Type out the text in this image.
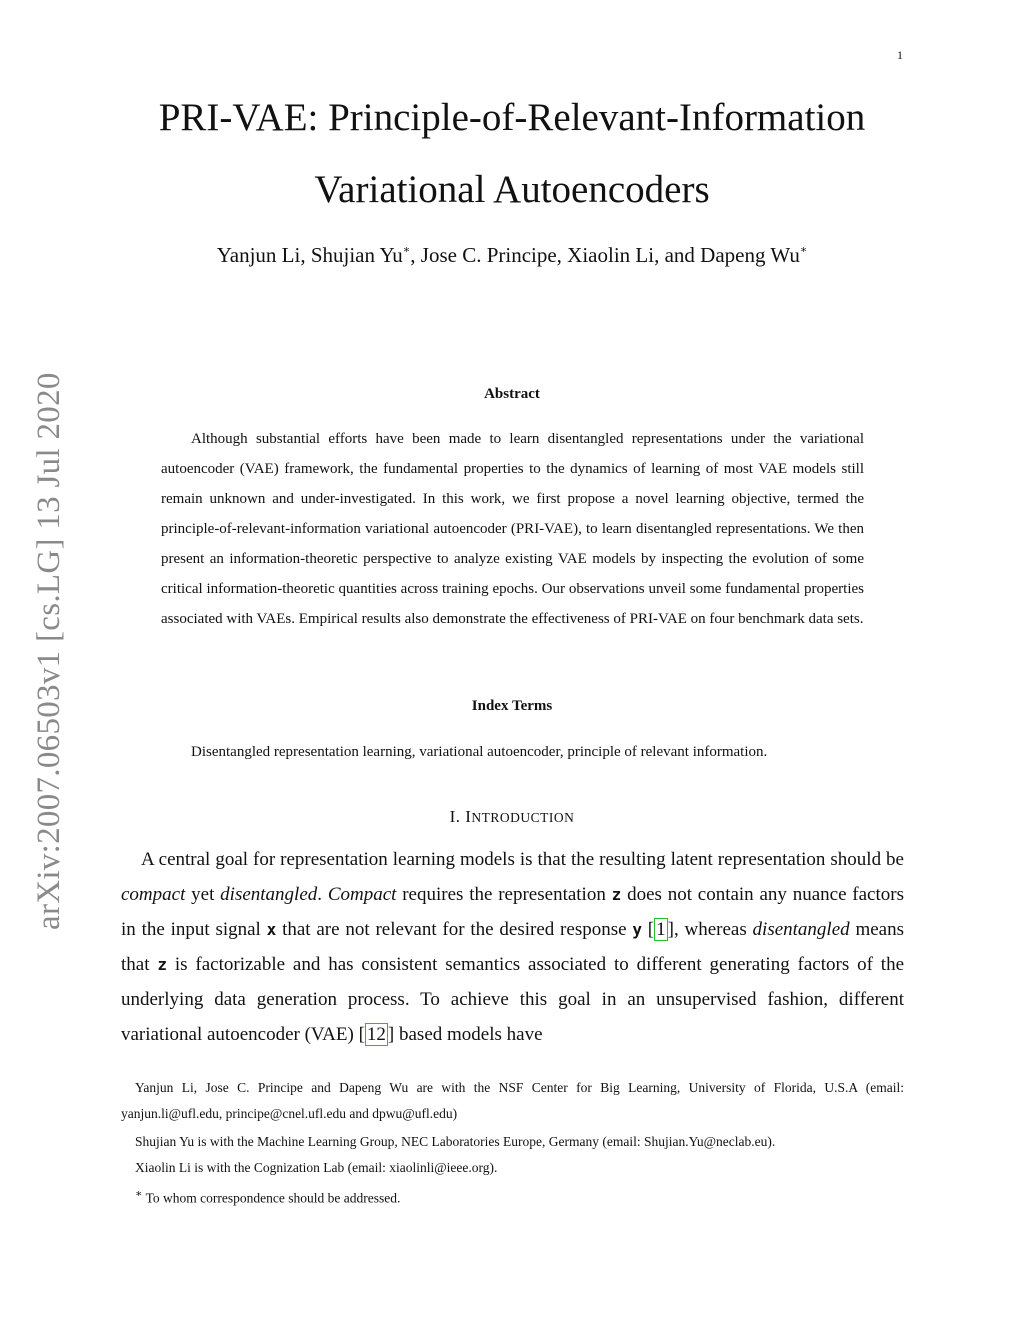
1
PRI-VAE: Principle-of-Relevant-Information
Variational Autoencoders
Yanjun Li, Shujian Yu∗, Jose C. Principe, Xiaolin Li, and Dapeng Wu∗
arXiv:2007.06503v1 [cs.LG] 13 Jul 2020	Abstract
Although substantial efforts have been made to learn disentangled representations under the variational autoencoder (VAE) framework, the fundamental properties to the dynamics of learning of most VAE models still remain unknown and under-investigated. In this work, we first propose a novel learning objective, termed the principle-of-relevant-information variational autoencoder (PRI-VAE), to learn disentangled representations. We then present an information-theoretic perspective to analyze existing VAE models by inspecting the evolution of some critical information-theoretic quantities across training epochs. Our observations unveil some fundamental properties associated with VAEs. Empirical results also demonstrate the effectiveness of PRI-VAE on four benchmark data sets.
Index Terms
Disentangled representation learning, variational autoencoder, principle of relevant information.
I. INTRODUCTION
A central goal for representation learning models is that the resulting latent representation should be compact yet disentangled. Compact requires the representation z does not contain any nuance factors in the input signal x that are not relevant for the desired response y [ 1 ], whereas disentangled means that z is factorizable and has consistent semantics associated to different generating factors of the underlying data generation process. To achieve this goal in an unsupervised fashion, different variational autoencoder (VAE) [ 12 ] based models have
Yanjun Li, Jose C. Principe and Dapeng Wu are with the NSF Center for Big Learning, University of Florida, U.S.A (email: yanjun.li@ufl.edu, principe@cnel.ufl.edu and dpwu@ufl.edu)
Shujian Yu is with the Machine Learning Group, NEC Laboratories Europe, Germany (email: Shujian.Yu@neclab.eu).
Xiaolin Li is with the Cognization Lab (email: xiaolinli@ieee.org).
∗ To whom correspondence should be addressed.
